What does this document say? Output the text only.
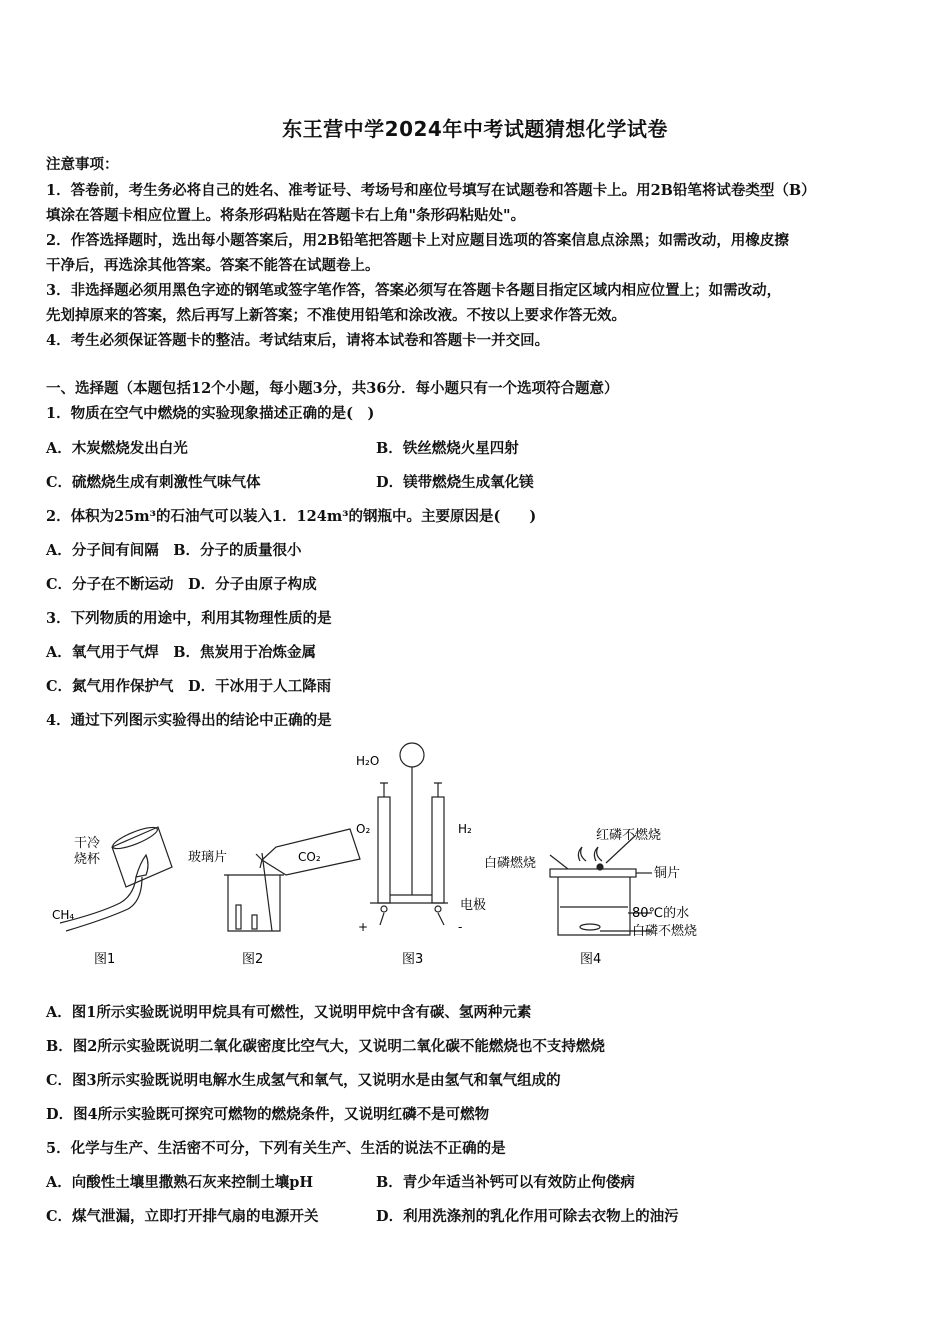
东王营中学2024年中考试题猜想化学试卷
注意事项：
1．答卷前，考生务必将自己的姓名、准考证号、考场号和座位号填写在试题卷和答题卡上。用2B铅笔将试卷类型（B）
填涂在答题卡相应位置上。将条形码粘贴在答题卡右上角"条形码粘贴处"。
2．作答选择题时，选出每小题答案后，用2B铅笔把答题卡上对应题目选项的答案信息点涂黑；如需改动，用橡皮擦
干净后，再选涂其他答案。答案不能答在试题卷上。
3．非选择题必须用黑色字迹的钢笔或签字笔作答，答案必须写在答题卡各题目指定区域内相应位置上；如需改动，
先划掉原来的答案，然后再写上新答案；不准使用铅笔和涂改液。不按以上要求作答无效。
4．考生必须保证答题卡的整洁。考试结束后，请将本试卷和答题卡一并交回。
一、选择题（本题包括12个小题，每小题3分，共36分．每小题只有一个选项符合题意）
1．物质在空气中燃烧的实验现象描述正确的是(　)
A．木炭燃烧发出白光	B．铁丝燃烧火星四射
C．硫燃烧生成有刺激性气味气体	D．镁带燃烧生成氧化镁
2．体积为25m³的石油气可以装入1．124m³的钢瓶中。主要原因是(　　)
A．分子间有间隔　B．分子的质量很小
C．分子在不断运动　D．分子由原子构成
3．下列物质的用途中，利用其物理性质的是
A．氧气用于气焊　B．焦炭用于冶炼金属
C．氮气用作保护气　D．干冰用于人工降雨
4．通过下列图示实验得出的结论中正确的是
干冷
烧杯
CH₄
玻璃片	CO₂
H₂O
O₂	H₂
电极
+	-
红磷不燃烧
白磷燃烧
铜片
80℃的水
白磷不燃烧
图1	图2	图3	图4
A．图1所示实验既说明甲烷具有可燃性，又说明甲烷中含有碳、氢两种元素
B．图2所示实验既说明二氧化碳密度比空气大，又说明二氧化碳不能燃烧也不支持燃烧
C．图3所示实验既说明电解水生成氢气和氧气，又说明水是由氢气和氧气组成的
D．图4所示实验既可探究可燃物的燃烧条件，又说明红磷不是可燃物
5．化学与生产、生活密不可分，下列有关生产、生活的说法不正确的是
A．向酸性土壤里撒熟石灰来控制土壤pH	B．青少年适当补钙可以有效防止佝偻病
C．煤气泄漏，立即打开排气扇的电源开关	D．利用洗涤剂的乳化作用可除去衣物上的油污
